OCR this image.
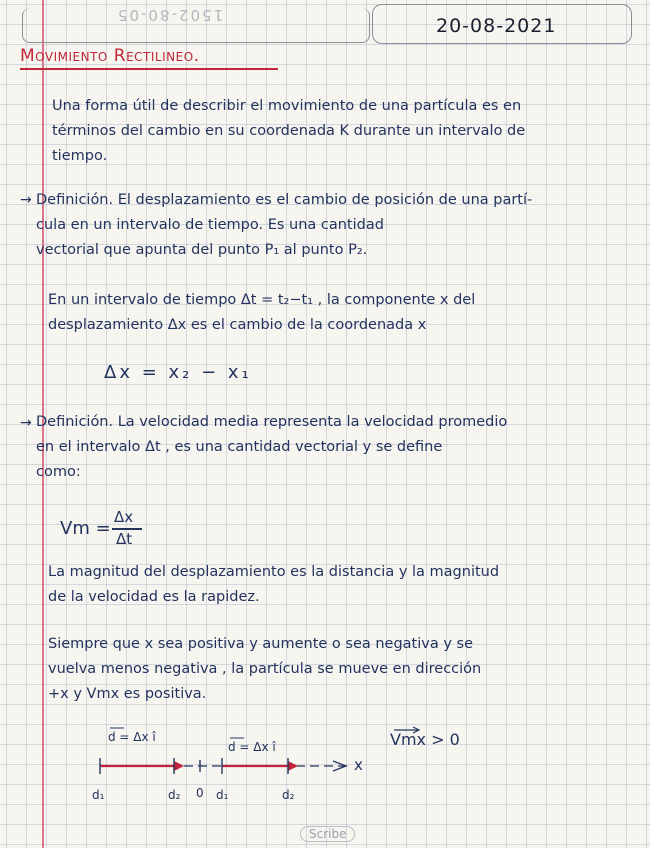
1502-80-05	20-08-2021
Movimiento Rectilineo.
Una forma útil de describir el movimiento de una partícula es en
términos del cambio en su coordenada K durante un intervalo de
tiempo.
→ Definición. El desplazamiento es el cambio de posición de una partí-
cula en un intervalo de tiempo. Es una cantidad
vectorial que apunta del punto P₁ al punto P₂.
En un intervalo de tiempo Δt = t₂−t₁ , la componente x del
desplazamiento Δx es el cambio de la coordenada x
Δx = x₂ − x₁
→ Definición. La velocidad media representa la velocidad promedio
en el intervalo Δt , es una cantidad vectorial y se define
como:
Vm =
Δx
Δt
La magnitud del desplazamiento es la distancia y la magnitud
de la velocidad es la rapidez.
Siempre que x sea positiva y aumente o sea negativa y se
vuelva menos negativa , la partícula se mueve en dirección
+x y Vmx es positiva.
d = Δx î
d = Δx î
x
0
d₁	d₂	d₁	d₂
Vmx > 0
Scribe
